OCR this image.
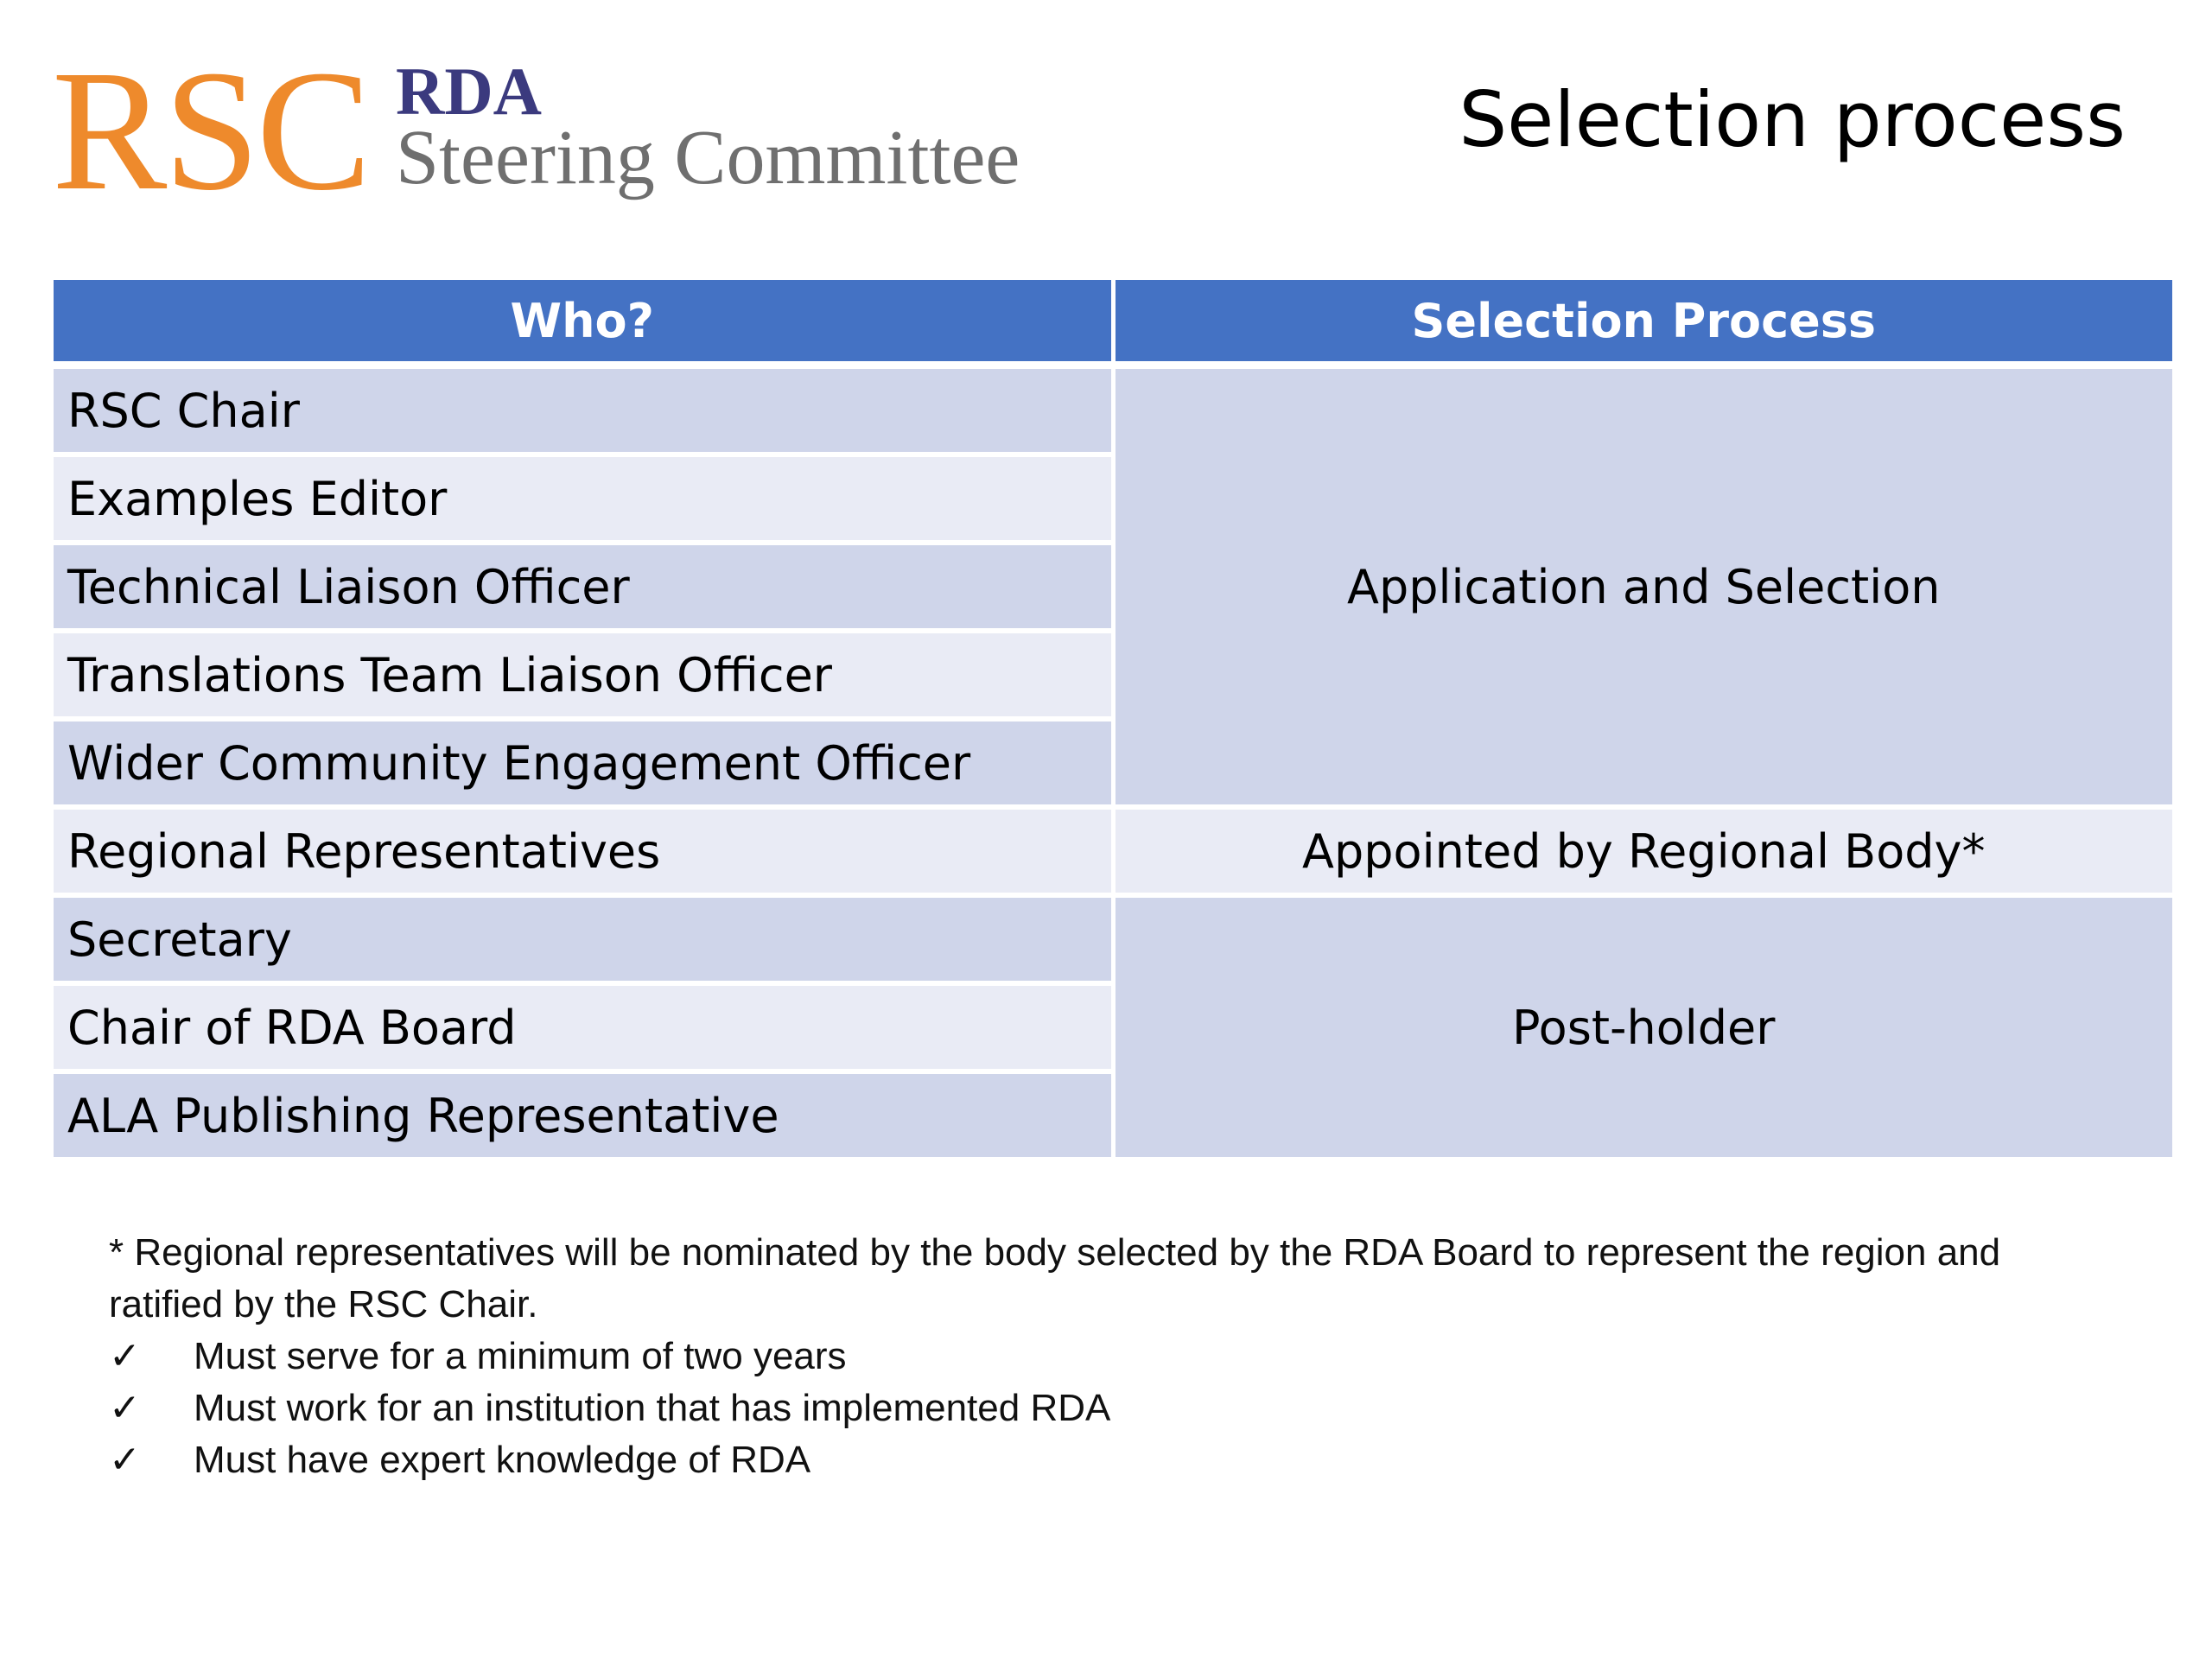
RSC RDA
Steering Committee	Selection process
Who?	Selection Process
RSC Chair	Application and Selection
Examples Editor	
Technical Liaison Officer	
Translations Team Liaison Officer	
Wider Community Engagement Officer	
Regional Representatives	Appointed by Regional Body*
Secretary	Post-holder
Chair of RDA Board	
ALA Publishing Representative	

* Regional representatives will be nominated by the body selected by the RDA Board to represent the region and ratified by the RSC Chair.

✓ Must serve for a minimum of two years
✓ Must work for an institution that has implemented RDA
✓ Must have expert knowledge of RDA
